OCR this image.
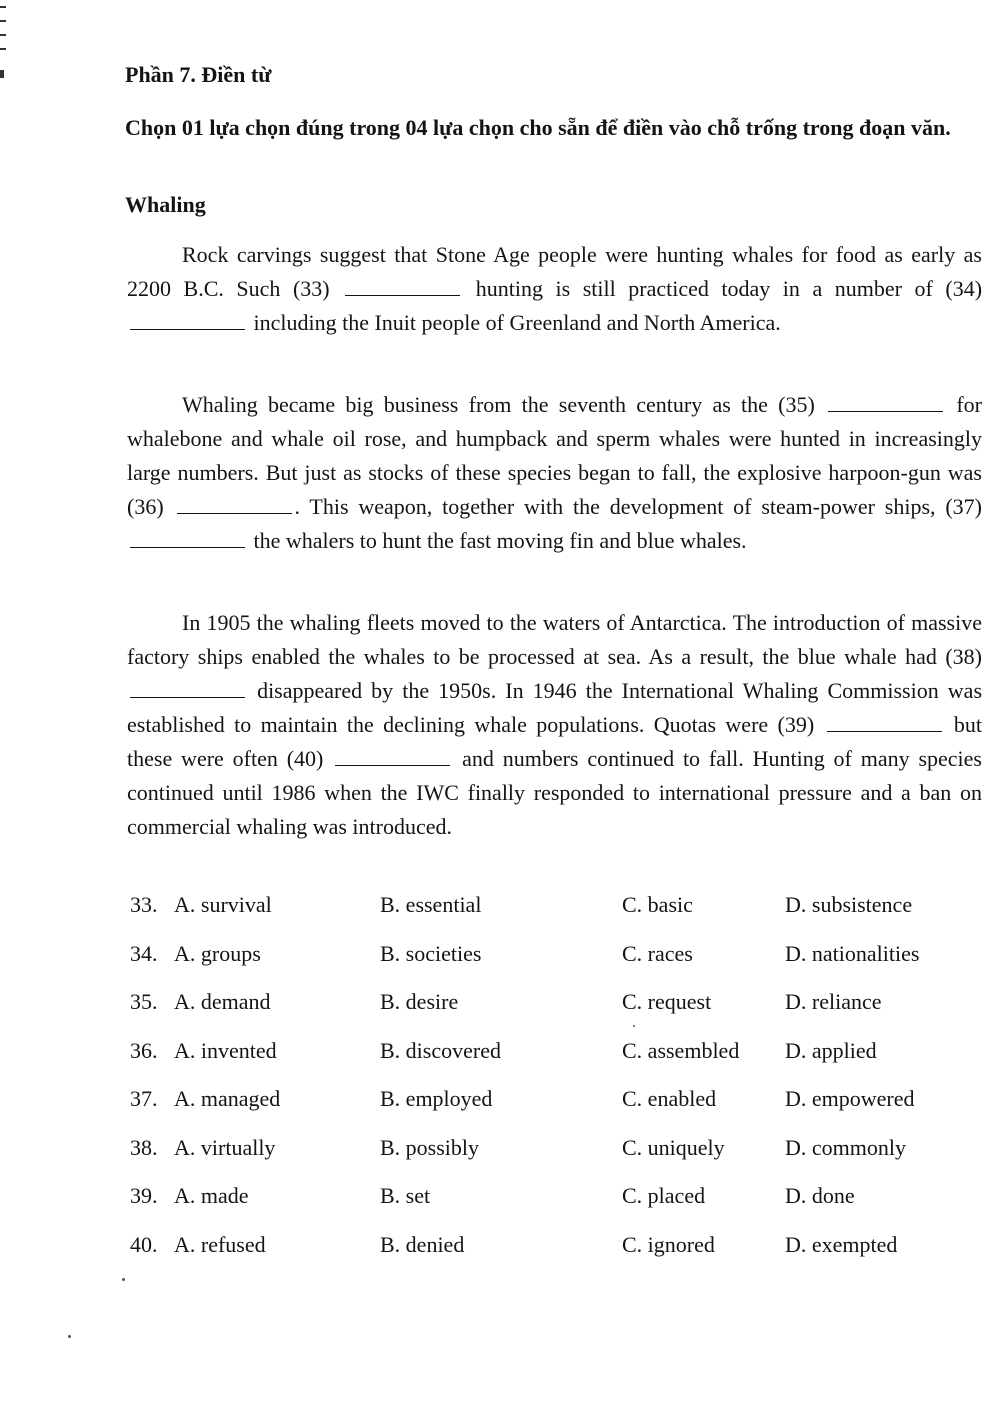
Phần 7. Điền từ
Chọn 01 lựa chọn đúng trong 04 lựa chọn cho sẵn để điền vào chỗ trống trong đoạn văn.
Whaling
Rock carvings suggest that Stone Age people were hunting whales for food as early as 2200 B.C. Such (33)	hunting is still practiced today in a number of (34)  including the Inuit people of Greenland and North America.
Whaling became big business from the seventh century as the (35)	for whalebone and whale oil rose, and humpback and sperm whales were hunted in increasingly large numbers. But just as stocks of these species began to fall, the explosive harpoon-gun was (36)	. This weapon, together with the development of steam-power ships, (37)  the whalers to hunt the fast moving fin and blue whales.
In 1905 the whaling fleets moved to the waters of Antarctica. The introduction of massive factory ships enabled the whales to be processed at sea. As a result, the blue whale had (38)  disappeared by the 1950s. In 1946 the International Whaling Commission was established to maintain the declining whale populations. Quotas were (39)	but these were often (40)	and numbers continued to fall. Hunting of many species continued until 1986 when the IWC finally responded to international pressure and a ban on commercial whaling was introduced.
33. A. survival	B. essential	C. basic	D. subsistence
34. A. groups	B. societies	C. races	D. nationalities
35. A. demand	B. desire	C. request	D. reliance
36. A. invented	B. discovered	C. assembled D. applied
37. A. managed	B. employed	C. enabled	D. empowered
38. A. virtually	B. possibly	C. uniquely	D. commonly
39. A. made	B. set	C. placed	D. done
40. A. refused	B. denied	C. ignored	D. exempted
